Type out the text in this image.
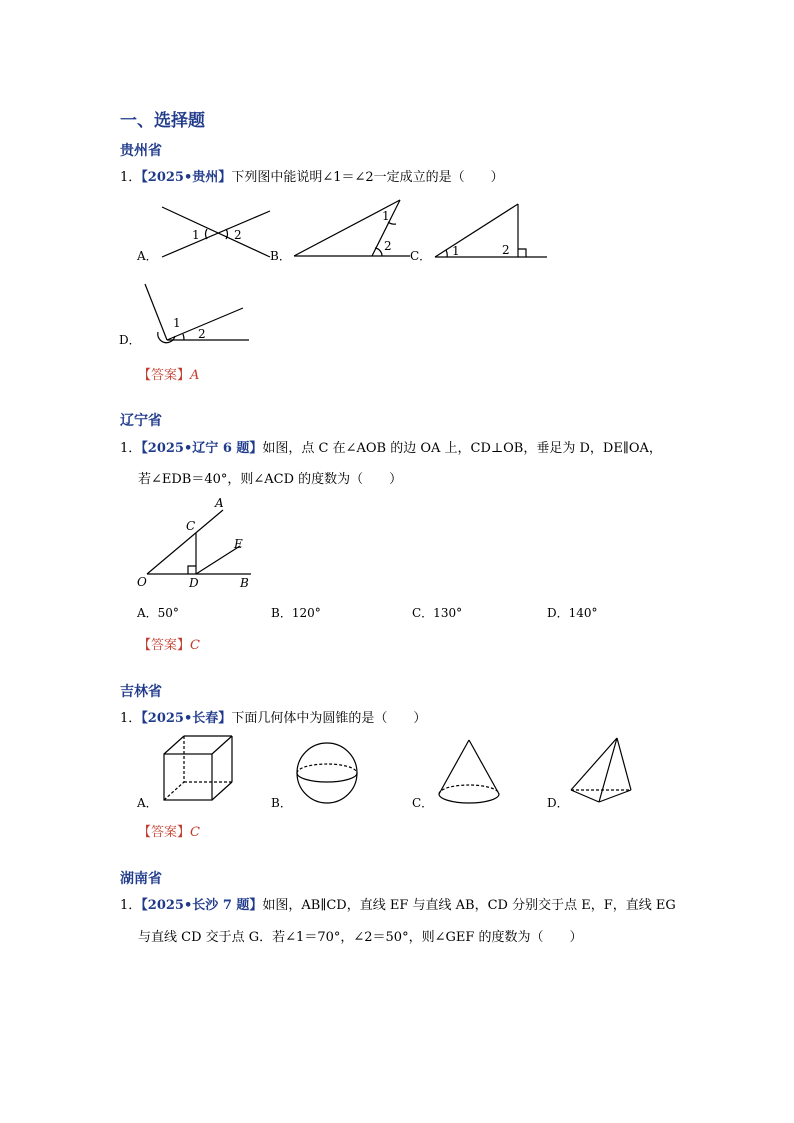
一、选择题
贵州省
1．【2025•贵州】下列图中能说明∠1＝∠2一定成立的是（　　）
A．
1	2
B．
1
2
C． 1	2
D．
1
2
【答案】A
辽宁省
1．【2025•辽宁 6 题】如图，点 C 在∠AOB 的边 OA 上，CD⊥OB，垂足为 D，DE∥OA，
若∠EDB＝40°，则∠ACD 的度数为（　　）
A
C
E
O	D	B
A．50°	B．120°	C．130°	D．140°
【答案】C
吉林省
1．【2025•长春】下面几何体中为圆锥的是（　　）
A．	B．	C．	D．
【答案】C
湖南省
1．【2025•长沙 7 题】如图，AB∥CD，直线 EF 与直线 AB，CD 分别交于点 E，F，直线 EG
与直线 CD 交于点 G．若∠1＝70°，∠2＝50°，则∠GEF 的度数为（　　）
